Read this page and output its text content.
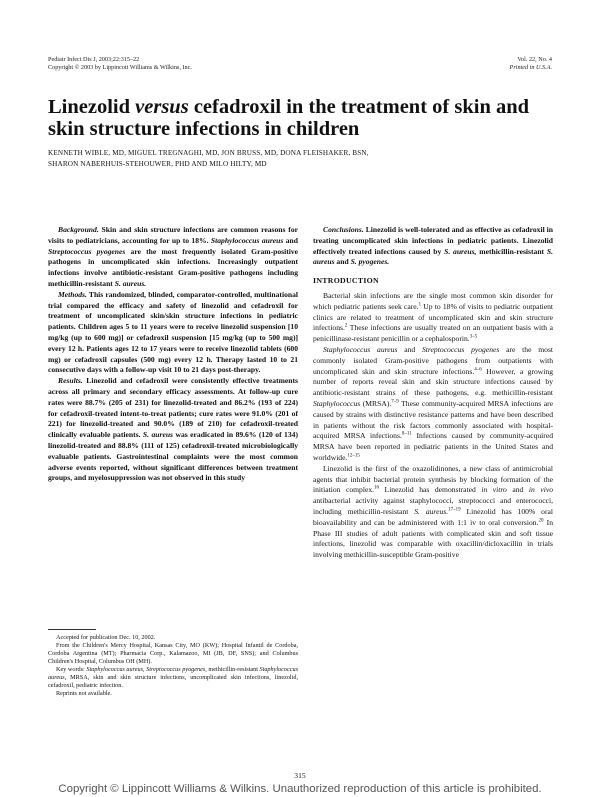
Pediatr Infect Dis J, 2003;22:315–22
Copyright © 2003 by Lippincott Williams & Wilkins, Inc.
Vol. 22, No. 4
Printed in U.S.A.
Linezolid versus cefadroxil in the treatment of skin and skin structure infections in children
KENNETH WIBLE, MD, MIGUEL TREGNAGHI, MD, JON BRUSS, MD, DONA FLEISHAKER, BSN,
SHARON NABERHUIS-STEHOUWER, PHD AND MILO HILTY, MD

Background. Skin and skin structure infections are common reasons for visits to pediatricians, accounting for up to 18%. Staphylococcus aureus and Streptococcus pyogenes are the most frequently isolated Gram-positive pathogens in uncomplicated skin infections. Increasingly outpatient infections involve antibiotic-resistant Gram-positive pathogens including methicillin-resistant S. aureus.

Methods. This randomized, blinded, comparator-controlled, multinational trial compared the efficacy and safety of linezolid and cefadroxil for treatment of uncomplicated skin/skin structure infections in pediatric patients. Children ages 5 to 11 years were to receive linezolid suspension [10 mg/kg (up to 600 mg)] or cefadroxil suspension [15 mg/kg (up to 500 mg)] every 12 h. Patients ages 12 to 17 years were to receive linezolid tablets (600 mg) or cefadroxil capsules (500 mg) every 12 h. Therapy lasted 10 to 21 consecutive days with a follow-up visit 10 to 21 days post-therapy.

Results. Linezolid and cefadroxil were consistently effective treatments across all primary and secondary efficacy assessments. At follow-up cure rates were 88.7% (205 of 231) for linezolid-treated and 86.2% (193 of 224) for cefadroxil-treated intent-to-treat patients; cure rates were 91.0% (201 of 221) for linezolid-treated and 90.0% (189 of 210) for cefadroxil-treated clinically evaluable patients. S. aureus was eradicated in 89.6% (120 of 134) linezolid-treated and 88.8% (111 of 125) cefadroxil-treated microbiologically evaluable patients. Gastrointestinal complaints were the most common adverse events reported, without significant differences between treatment groups, and myelosuppression was not observed in this study

Accepted for publication Dec. 10, 2002.

From the Children's Mercy Hospital, Kansas City, MO (KW); Hospital Infantil de Cordoba, Cordoba Argentina (MT); Pharmacia Corp., Kalamazoo, MI (JB, DF, SNS); and Columbus Children's Hospital, Columbus OH (MH).

Key words: Staphylococcus aureus, Streptococcus pyogenes, methicillin-resistant Staphylococcus aureus, MRSA, skin and skin structure infections, uncomplicated skin infections, linezolid, cefadroxil, pediatric infection.

Reprints not available.

Conclusions. Linezolid is well-tolerated and as effective as cefadroxil in treating uncomplicated skin infections in pediatric patients. Linezolid effectively treated infections caused by S. aureus, methicillin-resistant S. aureus and S. pyogenes.

INTRODUCTION

Bacterial skin infections are the single most common skin disorder for which pediatric patients seek care.$^1$ Up to 18% of visits to pediatric outpatient clinics are related to treatment of uncomplicated skin and skin structure infections.$^2$ These infections are usually treated on an outpatient basis with a penicillinase-resistant penicillin or a cephalosporin.$^{3-5}$

Staphylococcus aureus and Streptococcus pyogenes are the most commonly isolated Gram-positive pathogens from outpatients with uncomplicated skin and skin structure infections.$^{4-6}$ However, a growing number of reports reveal skin and skin structure infections caused by antibiotic-resistant strains of these pathogens, e.g. methicillin-resistant Staphylococcus (MRSA).$^{7-9}$ These community-acquired MRSA infections are caused by strains with distinctive resistance patterns and have been described in patients without the risk factors commonly associated with hospital-acquired MRSA infections.$^{8-11}$ Infections caused by community-acquired MRSA have been reported in pediatric patients in the United States and worldwide.$^{12-15}$

Linezolid is the first of the oxazolidinones, a new class of antimicrobial agents that inhibit bacterial protein synthesis by blocking formation of the initiation complex.$^{16}$ Linezolid has demonstrated in vitro and in vivo antibacterial activity against staphylococci, streptococci and enterococci, including methicillin-resistant S. aureus.$^{17-19}$ Linezolid has 100% oral bioavailability and can be administered with 1:1 iv to oral conversion.$^{20}$ In Phase III studies of adult patients with complicated skin and soft tissue infections, linezolid was comparable with oxacillin/dicloxacillin in trials involving methicillin-susceptible Gram-positive

315
Copyright © Lippincott Williams & Wilkins. Unauthorized reproduction of this article is prohibited.
